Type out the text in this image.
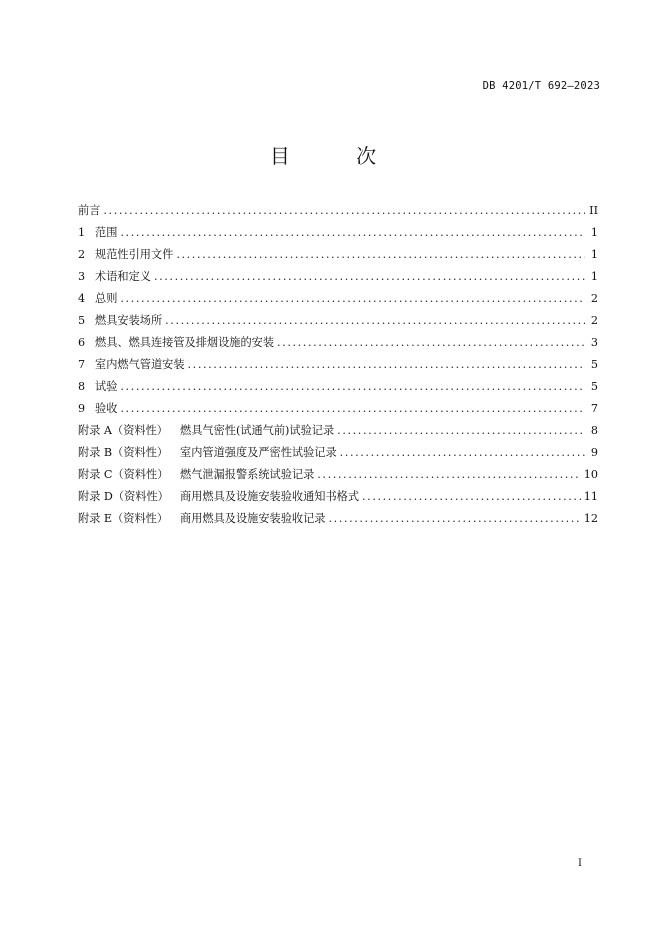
DB 4201/T 692—2023
目 次
前言 .....	II
1 范围 .....	1
2 规范性引用文件 .....	1
3 术语和定义 .....	1
4 总则 .....	2
5 燃具安装场所 .....	2
6 燃具、燃具连接管及排烟设施的安装 .....	3
7 室内燃气管道安装 .....	5
8 试验 .....	5
9 验收 .....	7
附录 A（资料性）	燃具气密性(试通气前)试验记录 .....	8
附录 B（资料性）	室内管道强度及严密性试验记录 .....	9
附录 C（资料性）	燃气泄漏报警系统试验记录 .....	10
附录 D（资料性） 商用燃具及设施安装验收通知书格式 .....	11
附录 E（资料性）	商用燃具及设施安装验收记录 .....	12
I
